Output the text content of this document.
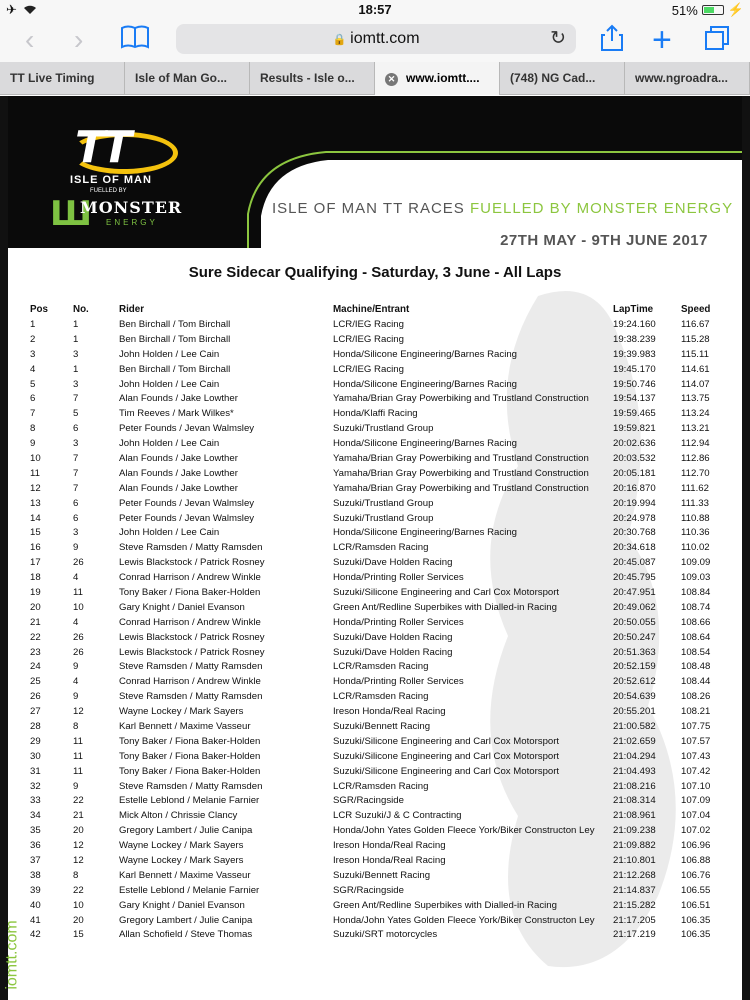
✈	18:57	51% ⚡
‹ ›	🔒 iomtt.com	↻	+
TT Live Timing	Isle of Man Go...	Results - Isle o...	✕ www.iomtt....	(748) NG Cad...	www.ngroadra...
TT
ISLE OF MAN
FUELLED BY
Ш
MONSTER
ENERGY
ISLE OF MAN TT RACES FUELLED BY MONSTER ENERGY
27TH MAY - 9TH JUNE 2017
iomtt.com
Sure Sidecar Qualifying - Saturday, 3 June - All Laps
Pos	No.	Rider	Machine/Entrant	LapTime	Speed
1	1	Ben Birchall / Tom Birchall	LCR/IEG Racing	19:24.160	116.67
2	1	Ben Birchall / Tom Birchall	LCR/IEG Racing	19:38.239	115.28
3	3	John Holden / Lee Cain	Honda/Silicone Engineering/Barnes Racing	19:39.983	115.11
4	1	Ben Birchall / Tom Birchall	LCR/IEG Racing	19:45.170	114.61
5	3	John Holden / Lee Cain	Honda/Silicone Engineering/Barnes Racing	19:50.746	114.07
6	7	Alan Founds / Jake Lowther	Yamaha/Brian Gray Powerbiking and Trustland Construction	19:54.137	113.75
7	5	Tim Reeves / Mark Wilkes*	Honda/Klaffi Racing	19:59.465	113.24
8	6	Peter Founds / Jevan Walmsley	Suzuki/Trustland Group	19:59.821	113.21
9	3	John Holden / Lee Cain	Honda/Silicone Engineering/Barnes Racing	20:02.636	112.94
10	7	Alan Founds / Jake Lowther	Yamaha/Brian Gray Powerbiking and Trustland Construction	20:03.532	112.86
11	7	Alan Founds / Jake Lowther	Yamaha/Brian Gray Powerbiking and Trustland Construction	20:05.181	112.70
12	7	Alan Founds / Jake Lowther	Yamaha/Brian Gray Powerbiking and Trustland Construction	20:16.870	111.62
13	6	Peter Founds / Jevan Walmsley	Suzuki/Trustland Group	20:19.994	111.33
14	6	Peter Founds / Jevan Walmsley	Suzuki/Trustland Group	20:24.978	110.88
15	3	John Holden / Lee Cain	Honda/Silicone Engineering/Barnes Racing	20:30.768	110.36
16	9	Steve Ramsden / Matty Ramsden	LCR/Ramsden Racing	20:34.618	110.02
17	26	Lewis Blackstock / Patrick Rosney	Suzuki/Dave Holden Racing	20:45.087	109.09
18	4	Conrad Harrison / Andrew Winkle	Honda/Printing Roller Services	20:45.795	109.03
19	11	Tony Baker / Fiona Baker-Holden	Suzuki/Silicone Engineering and Carl Cox Motorsport	20:47.951	108.84
20	10	Gary Knight / Daniel Evanson	Green Ant/Redline Superbikes with Dialled-in Racing	20:49.062	108.74
21	4	Conrad Harrison / Andrew Winkle	Honda/Printing Roller Services	20:50.055	108.66
22	26	Lewis Blackstock / Patrick Rosney	Suzuki/Dave Holden Racing	20:50.247	108.64
23	26	Lewis Blackstock / Patrick Rosney	Suzuki/Dave Holden Racing	20:51.363	108.54
24	9	Steve Ramsden / Matty Ramsden	LCR/Ramsden Racing	20:52.159	108.48
25	4	Conrad Harrison / Andrew Winkle	Honda/Printing Roller Services	20:52.612	108.44
26	9	Steve Ramsden / Matty Ramsden	LCR/Ramsden Racing	20:54.639	108.26
27	12	Wayne Lockey / Mark Sayers	Ireson Honda/Real Racing	20:55.201	108.21
28	8	Karl Bennett / Maxime Vasseur	Suzuki/Bennett Racing	21:00.582	107.75
29	11	Tony Baker / Fiona Baker-Holden	Suzuki/Silicone Engineering and Carl Cox Motorsport	21:02.659	107.57
30	11	Tony Baker / Fiona Baker-Holden	Suzuki/Silicone Engineering and Carl Cox Motorsport	21:04.294	107.43
31	11	Tony Baker / Fiona Baker-Holden	Suzuki/Silicone Engineering and Carl Cox Motorsport	21:04.493	107.42
32	9	Steve Ramsden / Matty Ramsden	LCR/Ramsden Racing	21:08.216	107.10
33	22	Estelle Leblond / Melanie Farnier	SGR/Racingside	21:08.314	107.09
34	21	Mick Alton / Chrissie Clancy	LCR Suzuki/J & C Contracting	21:08.961	107.04
35	20	Gregory Lambert / Julie Canipa	Honda/John Yates Golden Fleece York/Biker Constructon Ley	21:09.238	107.02
36	12	Wayne Lockey / Mark Sayers	Ireson Honda/Real Racing	21:09.882	106.96
37	12	Wayne Lockey / Mark Sayers	Ireson Honda/Real Racing	21:10.801	106.88
38	8	Karl Bennett / Maxime Vasseur	Suzuki/Bennett Racing	21:12.268	106.76
39	22	Estelle Leblond / Melanie Farnier	SGR/Racingside	21:14.837	106.55
40	10	Gary Knight / Daniel Evanson	Green Ant/Redline Superbikes with Dialled-in Racing	21:15.282	106.51
41	20	Gregory Lambert / Julie Canipa	Honda/John Yates Golden Fleece York/Biker Constructon Ley	21:17.205	106.35
42	15	Allan Schofield / Steve Thomas	Suzuki/SRT motorcycles	21:17.219	106.35
